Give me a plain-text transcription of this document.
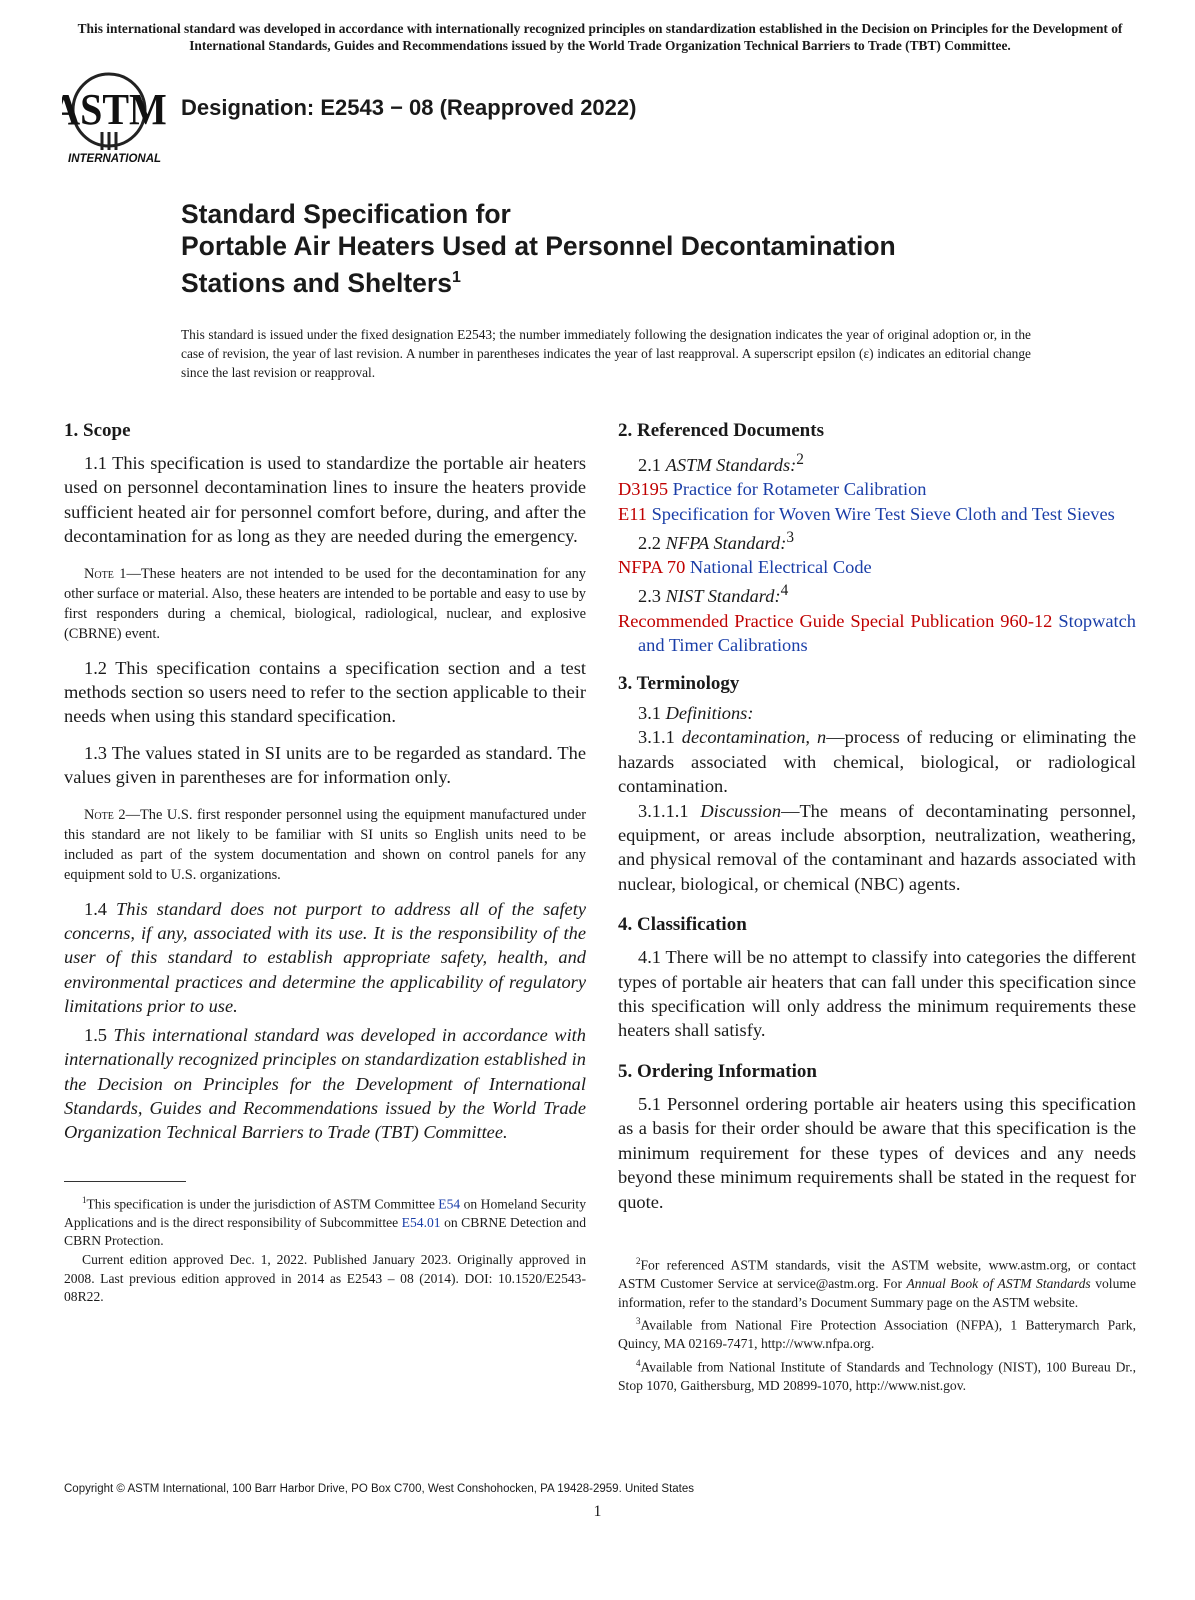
This international standard was developed in accordance with internationally recognized principles on standardization established in the Decision on Principles for the Development of International Standards, Guides and Recommendations issued by the World Trade Organization Technical Barriers to Trade (TBT) Committee.
ASTM
INTERNATIONAL
Designation: E2543 − 08 (Reapproved 2022)
Standard Specification for
Portable Air Heaters Used at Personnel Decontamination
Stations and Shelters$^1$
This standard is issued under the fixed designation E2543; the number immediately following the designation indicates the year of original adoption or, in the case of revision, the year of last revision. A number in parentheses indicates the year of last reapproval. A superscript epsilon (ε) indicates an editorial change since the last revision or reapproval.
1. Scope

1.1 This specification is used to standardize the portable air heaters used on personnel decontamination lines to insure the heaters provide sufficient heated air for personnel comfort before, during, and after the decontamination for as long as they are needed during the emergency.

Note 1—These heaters are not intended to be used for the decontamination for any other surface or material. Also, these heaters are intended to be portable and easy to use by first responders during a chemical, biological, radiological, nuclear, and explosive (CBRNE) event.

1.2 This specification contains a specification section and a test methods section so users need to refer to the section applicable to their needs when using this standard specification.

1.3 The values stated in SI units are to be regarded as standard. The values given in parentheses are for information only.

Note 2—The U.S. first responder personnel using the equipment manufactured under this standard are not likely to be familiar with SI units so English units need to be included as part of the system documentation and shown on control panels for any equipment sold to U.S. organizations.

1.4 This standard does not purport to address all of the safety concerns, if any, associated with its use. It is the responsibility of the user of this standard to establish appropriate safety, health, and environmental practices and determine the applicability of regulatory limitations prior to use.

1.5 This international standard was developed in accordance with internationally recognized principles on standardization established in the Decision on Principles for the Development of International Standards, Guides and Recommendations issued by the World Trade Organization Technical Barriers to Trade (TBT) Committee.

$^1$This specification is under the jurisdiction of ASTM Committee E54 on Homeland Security Applications and is the direct responsibility of Subcommittee E54.01 on CBRNE Detection and CBRN Protection.

Current edition approved Dec. 1, 2022. Published January 2023. Originally approved in 2008. Last previous edition approved in 2014 as E2543 – 08 (2014). DOI: 10.1520/E2543-08R22.

2. Referenced Documents

2.1 ASTM Standards:$^2$

D3195 Practice for Rotameter Calibration

E11 Specification for Woven Wire Test Sieve Cloth and Test Sieves

2.2 NFPA Standard:$^3$

NFPA 70 National Electrical Code

2.3 NIST Standard:$^4$

Recommended Practice Guide Special Publication 960-12 Stopwatch and Timer Calibrations

3. Terminology

3.1 Definitions:

3.1.1 decontamination, n—process of reducing or eliminating the hazards associated with chemical, biological, or radiological contamination.

3.1.1.1 Discussion—The means of decontaminating personnel, equipment, or areas include absorption, neutralization, weathering, and physical removal of the contaminant and hazards associated with nuclear, biological, or chemical (NBC) agents.

4. Classification

4.1 There will be no attempt to classify into categories the different types of portable air heaters that can fall under this specification since this specification will only address the minimum requirements these heaters shall satisfy.

5. Ordering Information

5.1 Personnel ordering portable air heaters using this specification as a basis for their order should be aware that this specification is the minimum requirement for these types of devices and any needs beyond these minimum requirements shall be stated in the request for quote.

$^2$For referenced ASTM standards, visit the ASTM website, www.astm.org, or contact ASTM Customer Service at service@astm.org. For Annual Book of ASTM Standards volume information, refer to the standard’s Document Summary page on the ASTM website.

$^3$Available from National Fire Protection Association (NFPA), 1 Batterymarch Park, Quincy, MA 02169-7471, http://www.nfpa.org.

$^4$Available from National Institute of Standards and Technology (NIST), 100 Bureau Dr., Stop 1070, Gaithersburg, MD 20899-1070, http://www.nist.gov.

Copyright © ASTM International, 100 Barr Harbor Drive, PO Box C700, West Conshohocken, PA 19428-2959. United States
1
